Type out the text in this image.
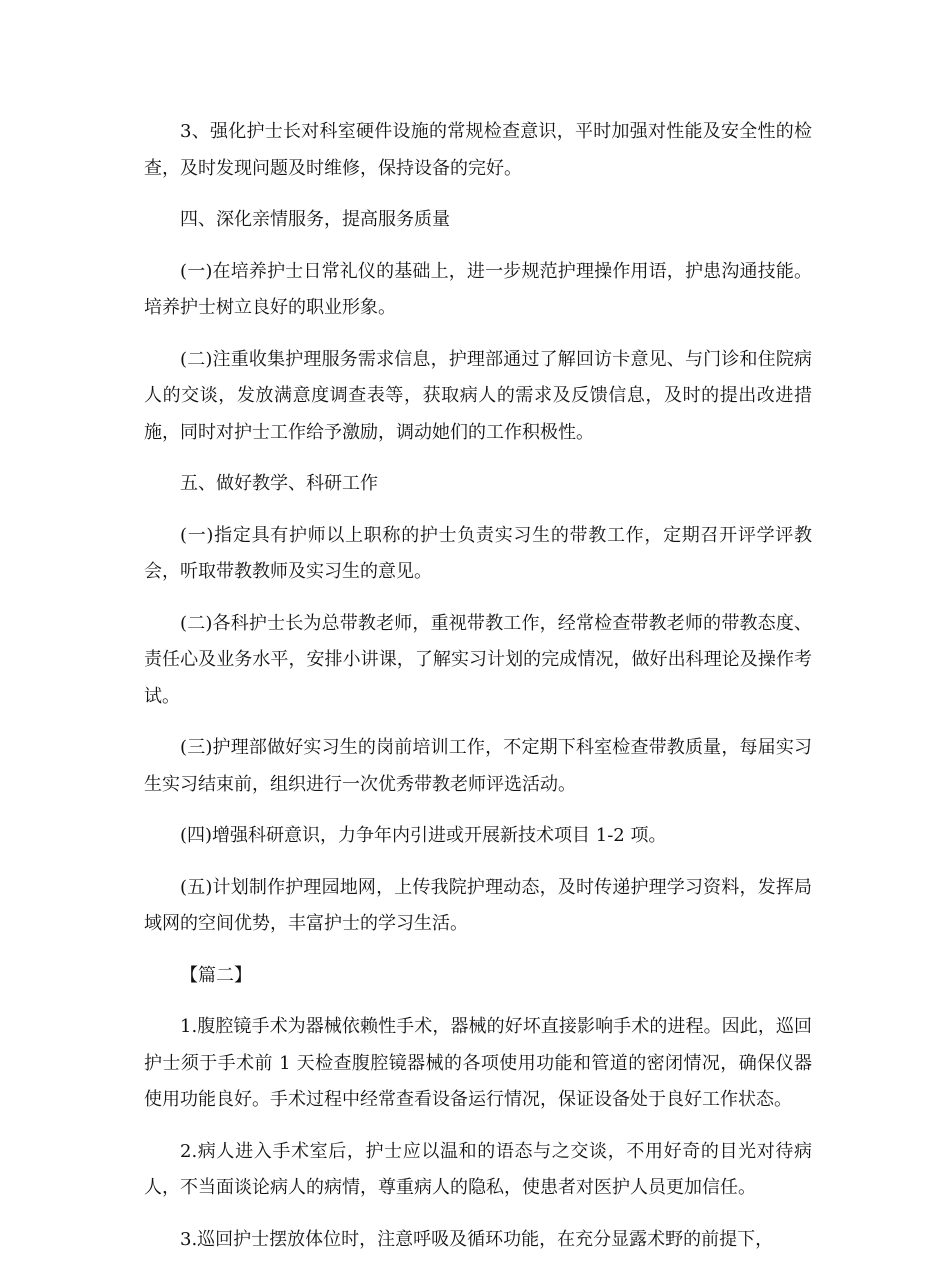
3、强化护士长对科室硬件设施的常规检查意识，平时加强对性能及安全性的检查，及时发现问题及时维修，保持设备的完好。

四、深化亲情服务，提高服务质量

(一)在培养护士日常礼仪的基础上，进一步规范护理操作用语，护患沟通技能。培养护士树立良好的职业形象。

(二)注重收集护理服务需求信息，护理部通过了解回访卡意见、与门诊和住院病人的交谈，发放满意度调查表等，获取病人的需求及反馈信息，及时的提出改进措施，同时对护士工作给予激励，调动她们的工作积极性。

五、做好教学、科研工作

(一)指定具有护师以上职称的护士负责实习生的带教工作，定期召开评学评教会，听取带教教师及实习生的意见。

(二)各科护士长为总带教老师，重视带教工作，经常检查带教老师的带教态度、责任心及业务水平，安排小讲课，了解实习计划的完成情况，做好出科理论及操作考试。

(三)护理部做好实习生的岗前培训工作，不定期下科室检查带教质量，每届实习生实习结束前，组织进行一次优秀带教老师评选活动。

(四)增强科研意识，力争年内引进或开展新技术项目 1-2 项。

(五)计划制作护理园地网，上传我院护理动态，及时传递护理学习资料，发挥局域网的空间优势，丰富护士的学习生活。

【篇二】

1.腹腔镜手术为器械依赖性手术，器械的好坏直接影响手术的进程。因此，巡回护士须于手术前 1 天检查腹腔镜器械的各项使用功能和管道的密闭情况，确保仪器使用功能良好。手术过程中经常查看设备运行情况，保证设备处于良好工作状态。

2.病人进入手术室后，护士应以温和的语态与之交谈，不用好奇的目光对待病人，不当面谈论病人的病情，尊重病人的隐私，使患者对医护人员更加信任。

3.巡回护士摆放体位时，注意呼吸及循环功能，在充分显露术野的前提下，
